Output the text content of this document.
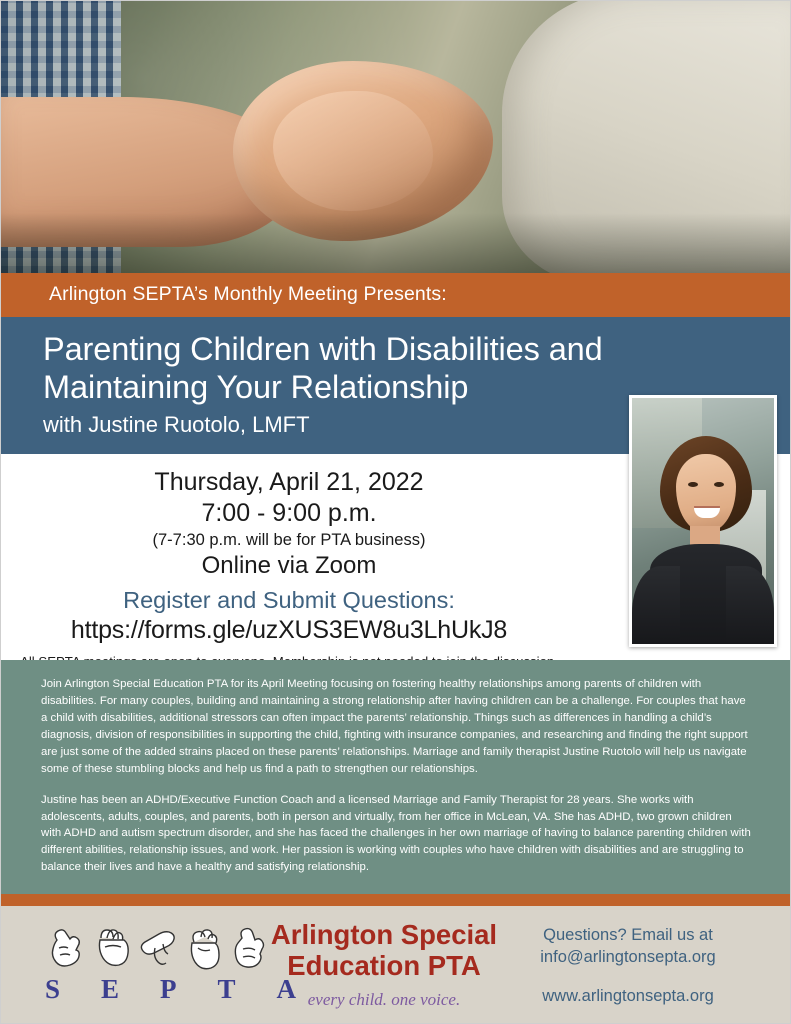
Arlington SEPTA’s Monthly Meeting Presents:
Parenting Children with Disabilities and
Maintaining Your Relationship
with Justine Ruotolo, LMFT
Thursday, April 21, 2022
7:00 - 9:00 p.m.
(7-7:30 p.m. will be for PTA business)
Online via Zoom
Register and Submit Questions:
https://forms.gle/uzXUS3EW8u3LhUkJ8

Join Arlington Special Education PTA for its April Meeting focusing on fostering healthy relationships among parents of children with disabilities. For many couples, building and maintaining a strong relationship after having children can be a challenge. For couples that have a child with disabilities, additional stressors can often impact the parents’ relationship. Things such as differences in handling a child’s diagnosis, division of responsibilities in supporting the child, fighting with insurance companies, and researching and finding the right support are just some of the added strains placed on these parents’ relationships. Marriage and family therapist Justine Ruotolo will help us navigate some of these stumbling blocks and help us find a path to strengthen our relationships.

Justine has been an ADHD/Executive Function Coach and a licensed Marriage and Family Therapist for 28 years. She works with adolescents, adults, couples, and parents, both in person and virtually, from her office in McLean, VA. She has ADHD, two grown children with ADHD and autism spectrum disorder, and she has faced the challenges in her own marriage of having to balance parenting children with different abilities, relationship issues, and work. Her passion is working with couples who have children with disabilities and are struggling to balance their lives and have a healthy and satisfying relationship.

S E P T A
Arlington Special
Education PTA
every child. one voice.
Questions? Email us at
info@arlingtonsepta.org
www.arlingtonsepta.org
